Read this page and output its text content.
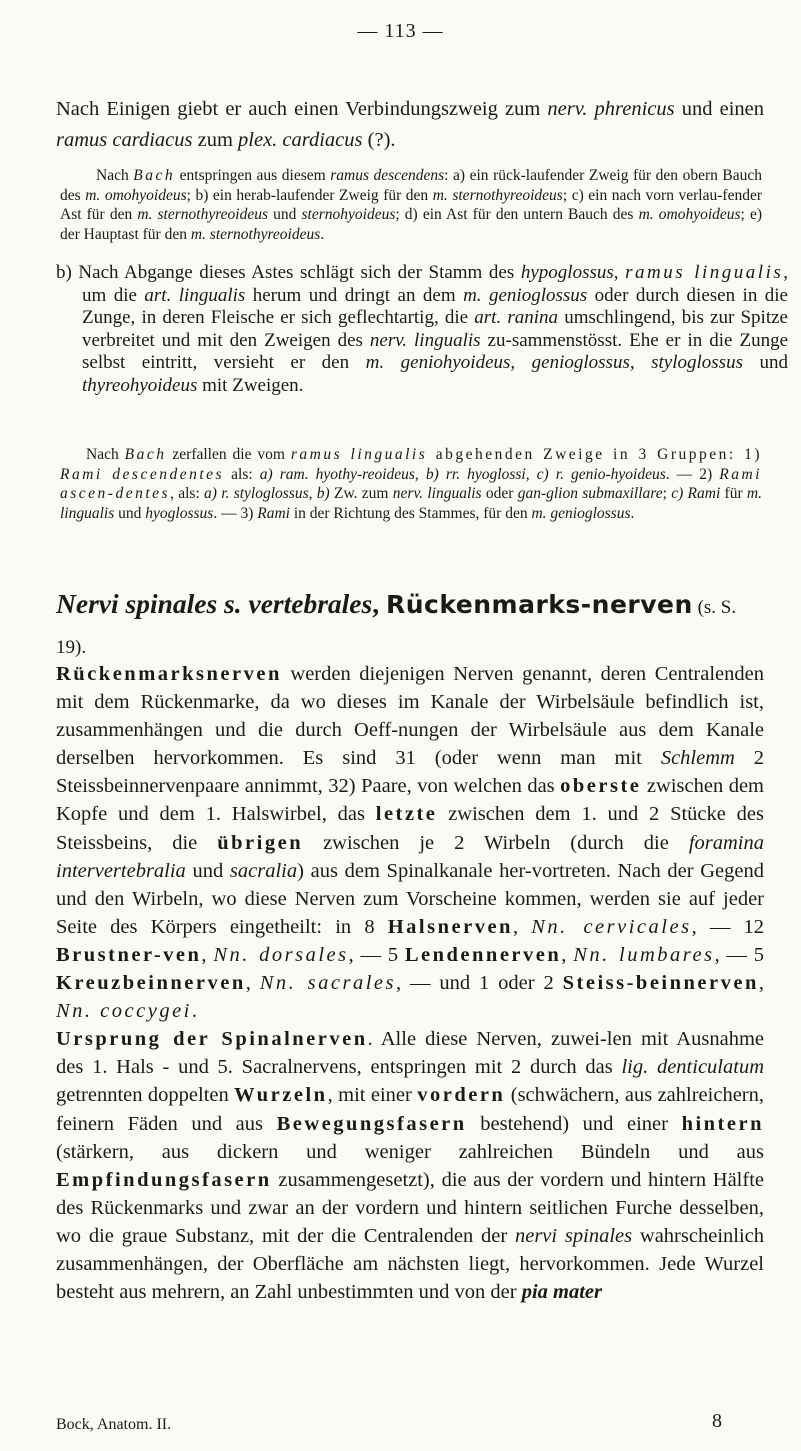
— 113 —

Nach Einigen giebt er auch einen Verbindungszweig zum nerv. phrenicus und einen ramus cardiacus zum plex. cardiacus (?).

Nach Bach entspringen aus diesem ramus descendens: a) ein rück-laufender Zweig für den obern Bauch des m. omohyoideus; b) ein herab-laufender Zweig für den m. sternothyreoideus; c) ein nach vorn verlau-fender Ast für den m. sternothyreoideus und sternohyoideus; d) ein Ast für den untern Bauch des m. omohyoideus; e) der Hauptast für den m. sternothyreoideus.

b) Nach Abgange dieses Astes schlägt sich der Stamm des hypoglossus, ramus lingualis, um die art. lingualis herum und dringt an dem m. genioglossus oder durch diesen in die Zunge, in deren Fleische er sich geflechtartig, die art. ranina umschlingend, bis zur Spitze verbreitet und mit den Zweigen des nerv. lingualis zu-sammenstösst. Ehe er in die Zunge selbst eintritt, versieht er den m. geniohyoideus, genioglossus, styloglossus und thyreohyoideus mit Zweigen.

Nach Bach zerfallen die vom ramus lingualis abgehenden Zweige in 3 Gruppen: 1) Rami descendentes als: a) ram. hyothy-reoideus, b) rr. hyoglossi, c) r. genio-hyoideus. — 2) Rami ascen-dentes, als: a) r. styloglossus, b) Zw. zum nerv. lingualis oder gan-glion submaxillare; c) Rami für m. lingualis und hyoglossus. — 3) Rami in der Richtung des Stammes, für den m. genioglossus.

Nervi spinales s. vertebrales, Rückenmarks-nerven (s. S. 19).

Rückenmarksnerven werden diejenigen Nerven genannt, deren Centralenden mit dem Rückenmarke, da wo dieses im Kanale der Wirbelsäule befindlich ist, zusammenhängen und die durch Oeff-nungen der Wirbelsäule aus dem Kanale derselben hervorkommen. Es sind 31 (oder wenn man mit Schlemm 2 Steissbeinnervenpaare annimmt, 32) Paare, von welchen das oberste zwischen dem Kopfe und dem 1. Halswirbel, das letzte zwischen dem 1. und 2 Stücke des Steissbeins, die übrigen zwischen je 2 Wirbeln (durch die foramina intervertebralia und sacralia) aus dem Spinalkanale her-vortreten. Nach der Gegend und den Wirbeln, wo diese Nerven zum Vorscheine kommen, werden sie auf jeder Seite des Körpers eingetheilt: in 8 Halsnerven, Nn. cervicales, — 12 Brustner-ven, Nn. dorsales, — 5 Lendennerven, Nn. lumbares, — 5 Kreuzbeinnerven, Nn. sacrales, — und 1 oder 2 Steiss-beinnerven, Nn. coccygei.

Ursprung der Spinalnerven. Alle diese Nerven, zuwei-len mit Ausnahme des 1. Hals - und 5. Sacralnervens, entspringen mit 2 durch das lig. denticulatum getrennten doppelten Wurzeln, mit einer vordern (schwächern, aus zahlreichern, feinern Fäden und aus Bewegungsfasern bestehend) und einer hintern (stärkern, aus dickern und weniger zahlreichen Bündeln und aus Empfindungsfasern zusammengesetzt), die aus der vordern und hintern Hälfte des Rückenmarks und zwar an der vordern und hintern seitlichen Furche desselben, wo die graue Substanz, mit der die Centralenden der nervi spinales wahrscheinlich zusammenhängen, der Oberfläche am nächsten liegt, hervorkommen. Jede Wurzel besteht aus mehrern, an Zahl unbestimmten und von der pia mater

Bock, Anatom. II.	8
